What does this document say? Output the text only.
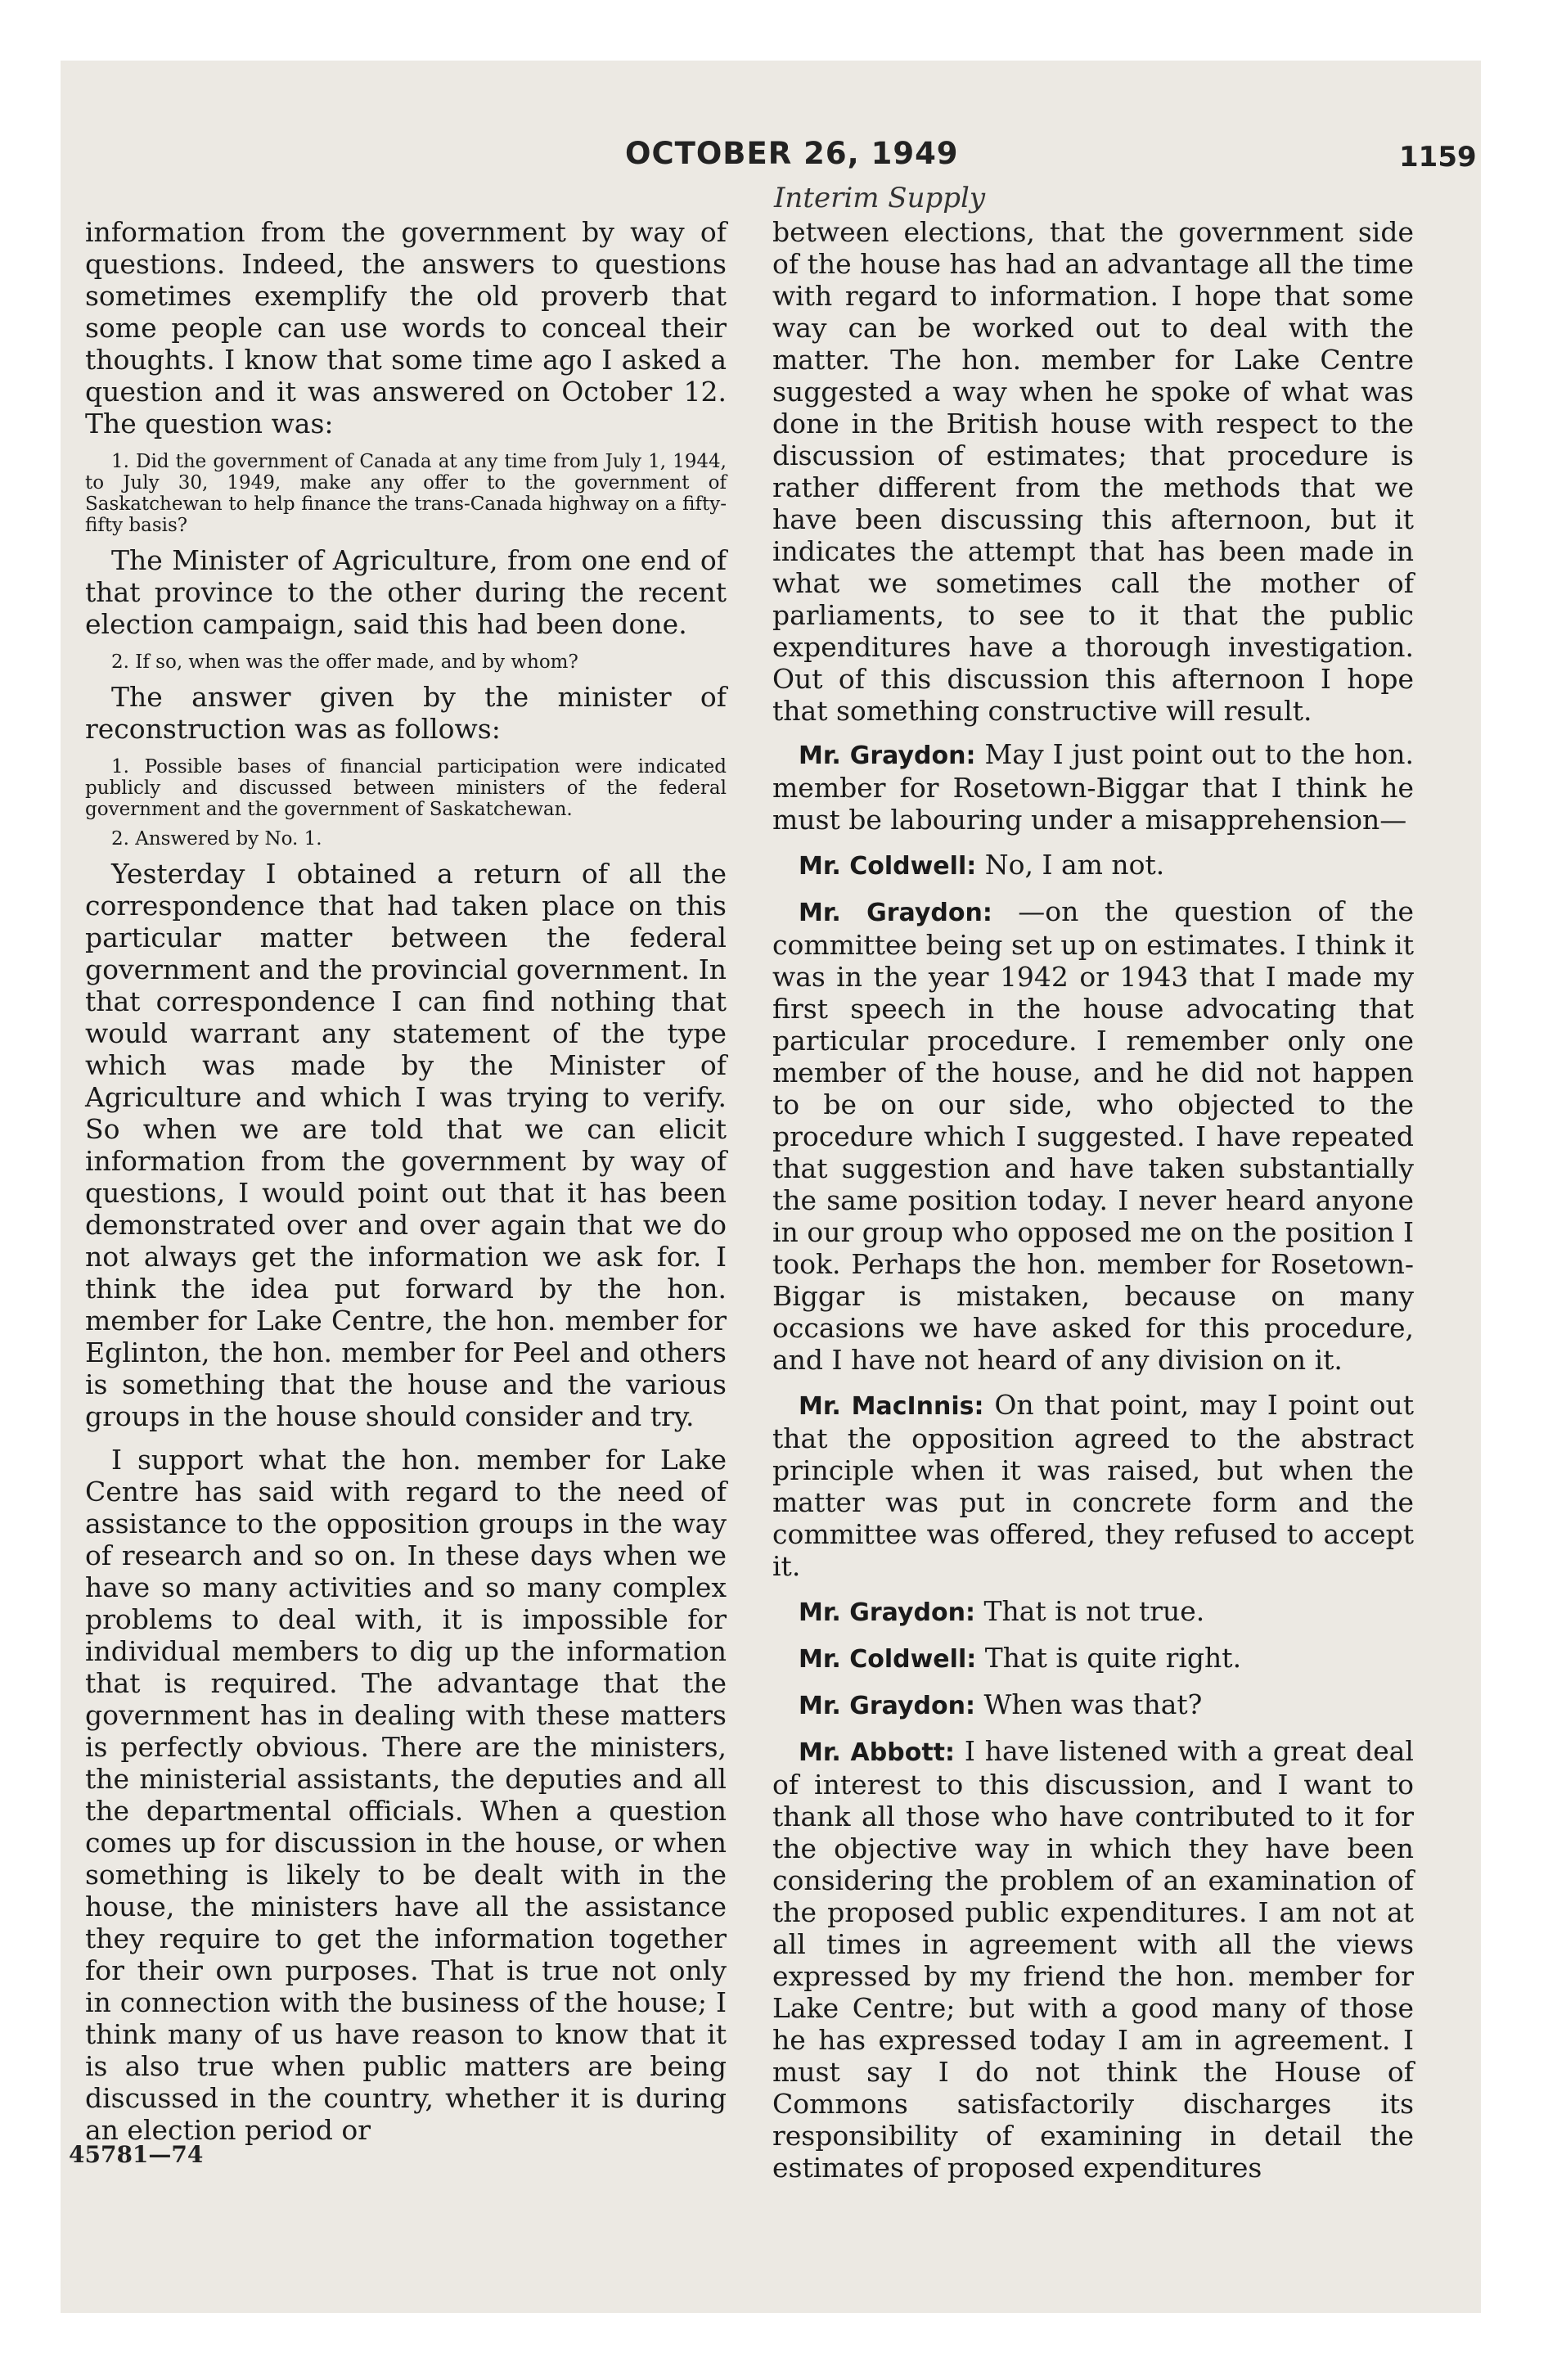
OCTOBER 26, 1949	1159
Interim Supply

information from the government by way of questions. Indeed, the answers to questions sometimes exemplify the old proverb that some people can use words to conceal their thoughts. I know that some time ago I asked a question and it was answered on October 12. The question was:

1. Did the government of Canada at any time from July 1, 1944, to July 30, 1949, make any offer to the government of Saskatchewan to help finance the trans-Canada highway on a fifty-fifty basis?

The Minister of Agriculture, from one end of that province to the other during the recent election campaign, said this had been done.

2. If so, when was the offer made, and by whom?

The answer given by the minister of reconstruction was as follows:

1. Possible bases of financial participation were indicated publicly and discussed between ministers of the federal government and the government of Saskatchewan.

2. Answered by No. 1.

Yesterday I obtained a return of all the correspondence that had taken place on this particular matter between the federal government and the provincial government. In that correspondence I can find nothing that would warrant any statement of the type which was made by the Minister of Agriculture and which I was trying to verify. So when we are told that we can elicit information from the government by way of questions, I would point out that it has been demonstrated over and over again that we do not always get the information we ask for. I think the idea put forward by the hon. member for Lake Centre, the hon. member for Eglinton, the hon. member for Peel and others is something that the house and the various groups in the house should consider and try.

I support what the hon. member for Lake Centre has said with regard to the need of assistance to the opposition groups in the way of research and so on. In these days when we have so many activities and so many complex problems to deal with, it is impossible for individual members to dig up the information that is required. The advantage that the government has in dealing with these matters is perfectly obvious. There are the ministers, the ministerial assistants, the deputies and all the departmental officials. When a question comes up for discussion in the house, or when something is likely to be dealt with in the house, the ministers have all the assistance they require to get the information together for their own purposes. That is true not only in connection with the business of the house; I think many of us have reason to know that it is also true when public matters are being discussed in the country, whether it is during an election period or

between elections, that the government side of the house has had an advantage all the time with regard to information. I hope that some way can be worked out to deal with the matter. The hon. member for Lake Centre suggested a way when he spoke of what was done in the British house with respect to the discussion of estimates; that procedure is rather different from the methods that we have been discussing this afternoon, but it indicates the attempt that has been made in what we sometimes call the mother of parliaments, to see to it that the public expenditures have a thorough investigation. Out of this discussion this afternoon I hope that something constructive will result.

Mr. Graydon: May I just point out to the hon. member for Rosetown-Biggar that I think he must be labouring under a misapprehension—

Mr. Coldwell: No, I am not.

Mr. Graydon: —on the question of the committee being set up on estimates. I think it was in the year 1942 or 1943 that I made my first speech in the house advocating that particular procedure. I remember only one member of the house, and he did not happen to be on our side, who objected to the procedure which I suggested. I have repeated that suggestion and have taken substantially the same position today. I never heard anyone in our group who opposed me on the position I took. Perhaps the hon. member for Rosetown-Biggar is mistaken, because on many occasions we have asked for this procedure, and I have not heard of any division on it.

Mr. MacInnis: On that point, may I point out that the opposition agreed to the abstract principle when it was raised, but when the matter was put in concrete form and the committee was offered, they refused to accept it.

Mr. Graydon: That is not true.

Mr. Coldwell: That is quite right.

Mr. Graydon: When was that?

Mr. Abbott: I have listened with a great deal of interest to this discussion, and I want to thank all those who have contributed to it for the objective way in which they have been considering the problem of an examination of the proposed public expenditures. I am not at all times in agreement with all the views expressed by my friend the hon. member for Lake Centre; but with a good many of those he has expressed today I am in agreement. I must say I do not think the House of Commons satisfactorily discharges its responsibility of examining in detail the estimates of proposed expenditures

45781—74
